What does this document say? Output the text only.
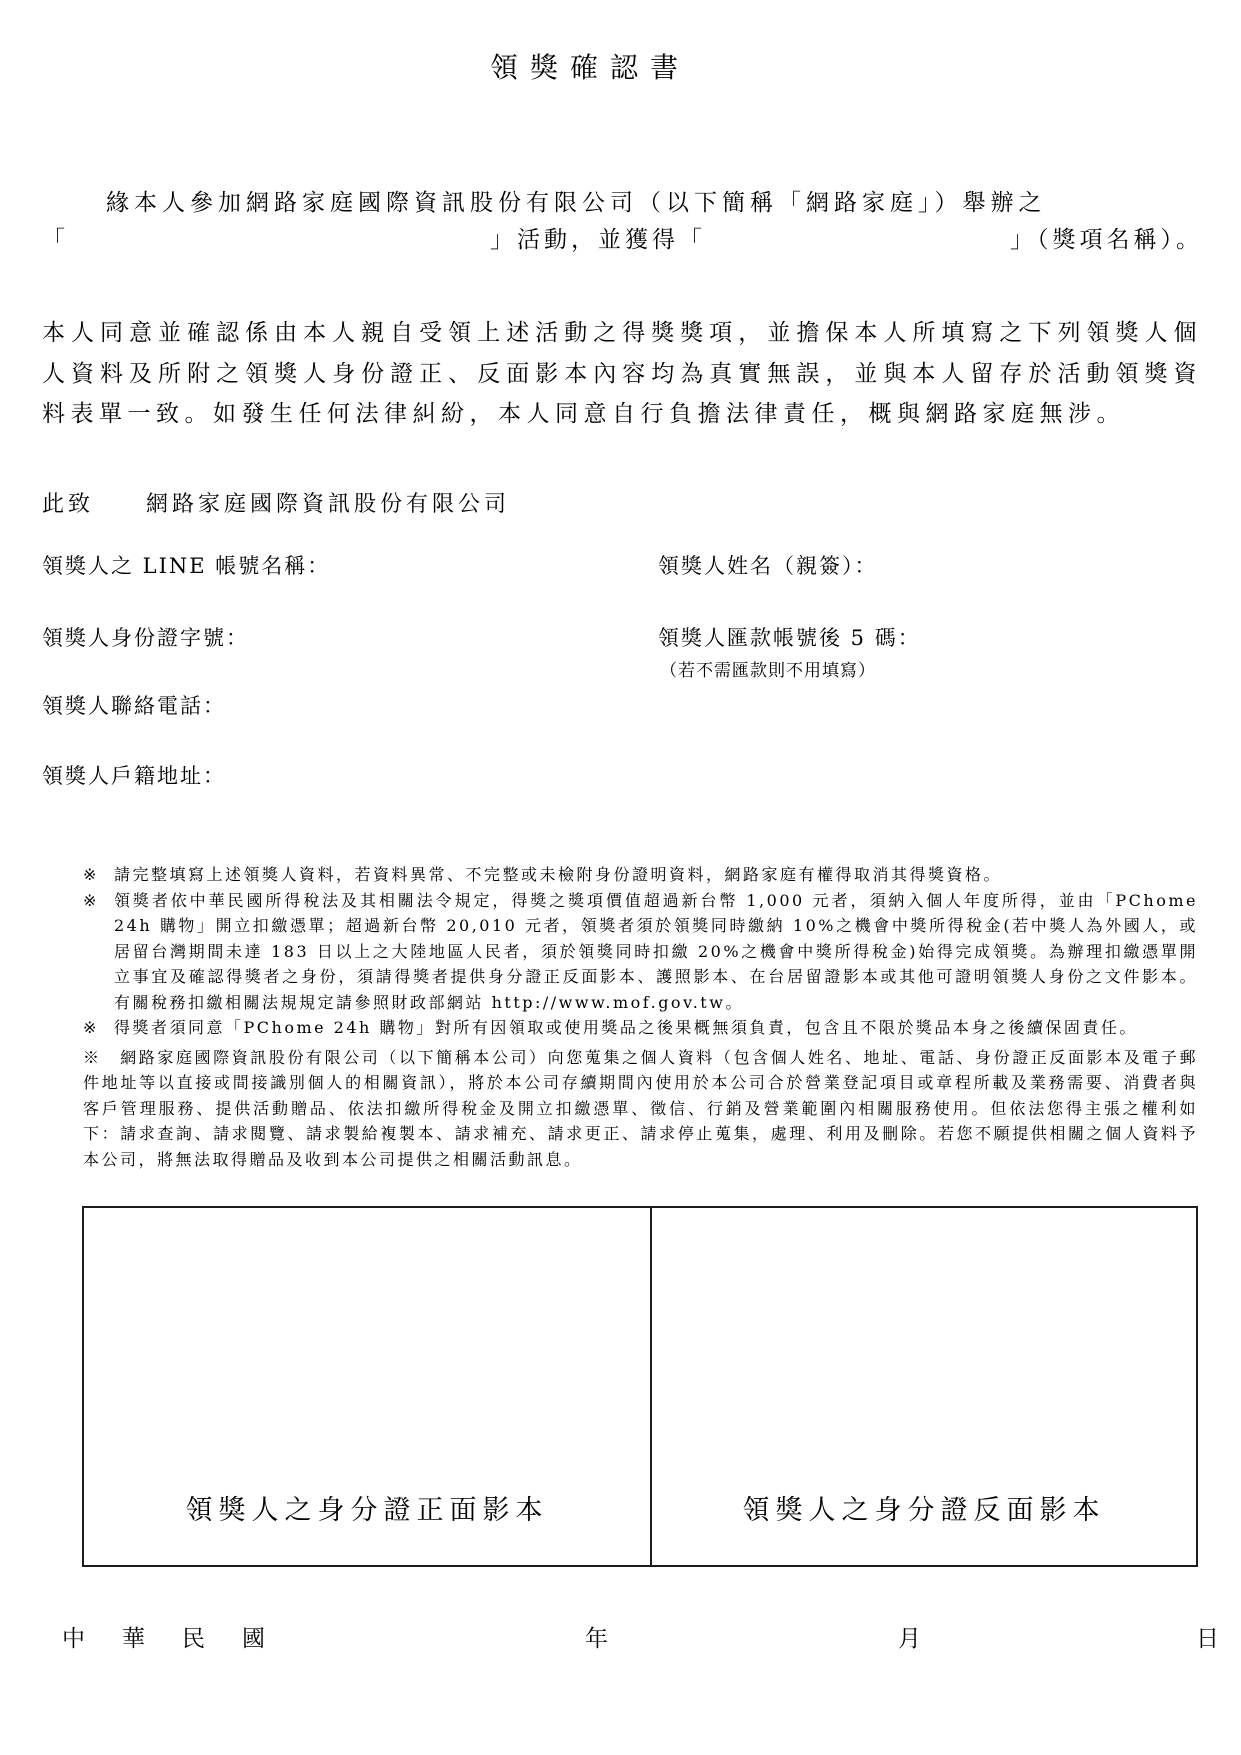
領獎確認書
緣本人參加網路家庭國際資訊股份有限公司（以下簡稱「網路家庭」）舉辦之
「	」活動，並獲得「	」（獎項名稱）。
本人同意並確認係由本人親自受領上述活動之得獎獎項，並擔保本人所填寫之下列領獎人個人資料及所附之領獎人身份證正、反面影本內容均為真實無誤，並與本人留存於活動領獎資料表單一致。如發生任何法律糾紛，本人同意自行負擔法律責任，概與網路家庭無涉。
此致　　網路家庭國際資訊股份有限公司
領獎人之 LINE 帳號名稱：	領獎人姓名（親簽）：
領獎人身份證字號：	領獎人匯款帳號後 5 碼：
（若不需匯款則不用填寫）
領獎人聯絡電話：
領獎人戶籍地址：
※ 請完整填寫上述領獎人資料，若資料異常、不完整或未檢附身份證明資料，網路家庭有權得取消其得獎資格。
※ 領獎者依中華民國所得稅法及其相關法令規定，得獎之獎項價值超過新台幣 1,000 元者，須納入個人年度所得，並由「PChome 24h 購物」開立扣繳憑單；超過新台幣 20,010 元者，領獎者須於領獎同時繳納 10%之機會中獎所得稅金(若中獎人為外國人，或居留台灣期間未達 183 日以上之大陸地區人民者，須於領獎同時扣繳 20%之機會中獎所得稅金)始得完成領獎。為辦理扣繳憑單開立事宜及確認得獎者之身份，須請得獎者提供身分證正反面影本、護照影本、在台居留證影本或其他可證明領獎人身份之文件影本。有關稅務扣繳相關法規規定請參照財政部網站 http://www.mof.gov.tw。
※ 得獎者須同意「PChome 24h 購物」對所有因領取或使用獎品之後果概無須負責，包含且不限於獎品本身之後續保固責任。

※　 網路家庭國際資訊股份有限公司（以下簡稱本公司）向您蒐集之個人資料（包含個人姓名、地址、電話、身份證正反面影本及電子郵件地址等以直接或間接識別個人的相關資訊），將於本公司存續期間內使用於本公司合於營業登記項目或章程所載及業務需要、消費者與客戶管理服務、提供活動贈品、依法扣繳所得稅金及開立扣繳憑單、徵信、行銷及營業範圍內相關服務使用。但依法您得主張之權利如下：請求查詢、請求閱覽、請求製給複製本、請求補充、請求更正、請求停止蒐集，處理、利用及刪除。若您不願提供相關之個人資料予本公司，將無法取得贈品及收到本公司提供之相關活動訊息。

領獎人之身分證正面影本	領獎人之身分證反面影本
中華民國	年	月	日
